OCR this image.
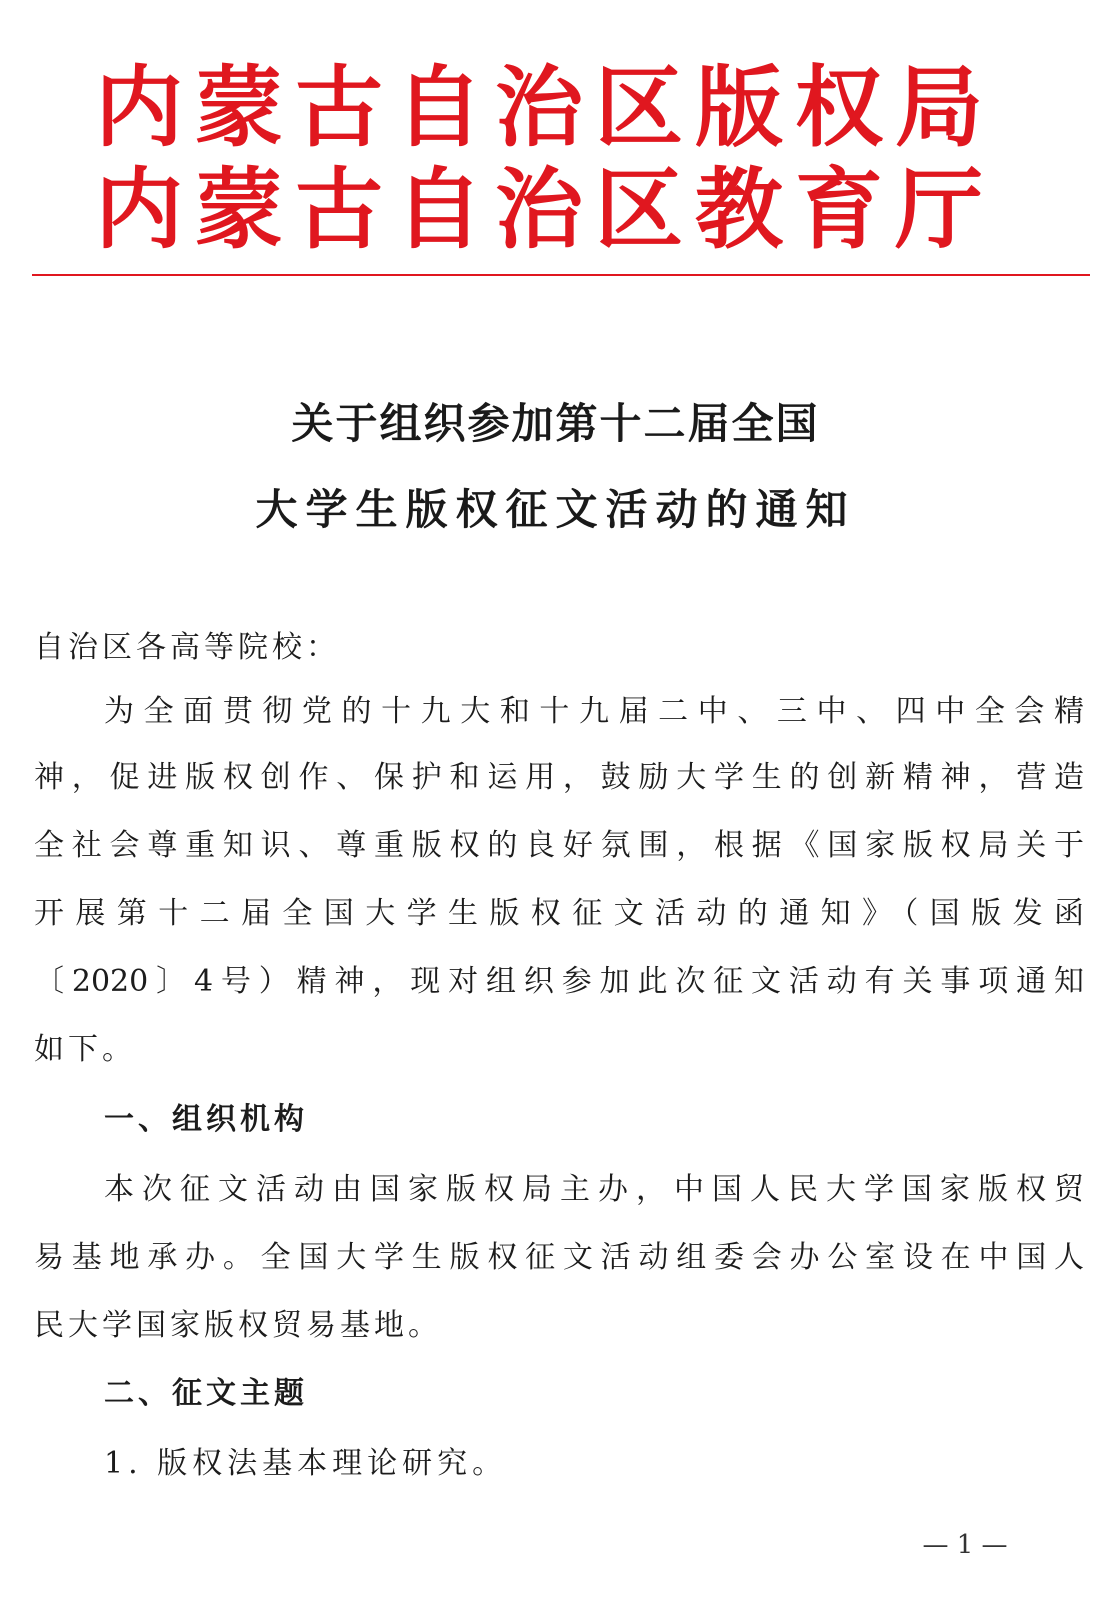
内蒙古自治区版权局
内蒙古自治区教育厅
关于组织参加第十二届全国
大学生版权征文活动的通知
自治区各高等院校：
为全面贯彻党的十九大和十九届二中、三中、四中全会精
神，促进版权创作、保护和运用，鼓励大学生的创新精神，营造
全社会尊重知识、尊重版权的良好氛围，根据《国家版权局关于
开展第十二届全国大学生版权征文活动的通知》（国版发函
〔2020〕4号）精神，现对组织参加此次征文活动有关事项通知
如下。
一、组织机构
本次征文活动由国家版权局主办，中国人民大学国家版权贸
易基地承办。全国大学生版权征文活动组委会办公室设在中国人
民大学国家版权贸易基地。
二、征文主题
1. 版权法基本理论研究。
— 1 —
